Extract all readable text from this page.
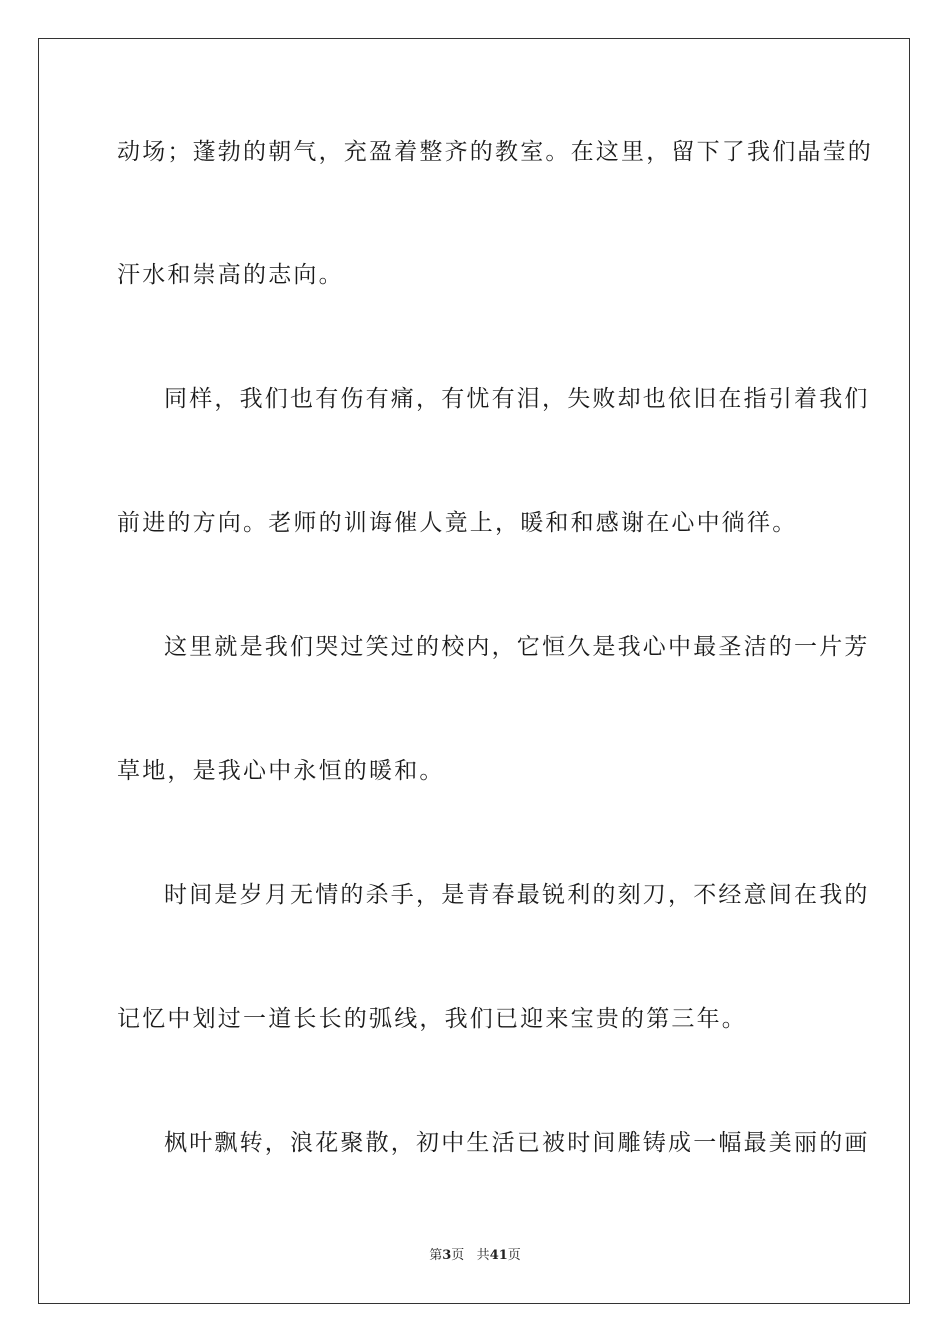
动场；蓬勃的朝气，充盈着整齐的教室。在这里，留下了我们晶莹的
汗水和崇高的志向。
同样，我们也有伤有痛，有忧有泪，失败却也依旧在指引着我们
前进的方向。老师的训诲催人竟上，暖和和感谢在心中徜徉。
这里就是我们哭过笑过的校内，它恒久是我心中最圣洁的一片芳
草地，是我心中永恒的暖和。
时间是岁月无情的杀手，是青春最锐利的刻刀，不经意间在我的
记忆中划过一道长长的弧线，我们已迎来宝贵的第三年。
枫叶飘转，浪花聚散，初中生活已被时间雕铸成一幅最美丽的画
第3页 共41页
